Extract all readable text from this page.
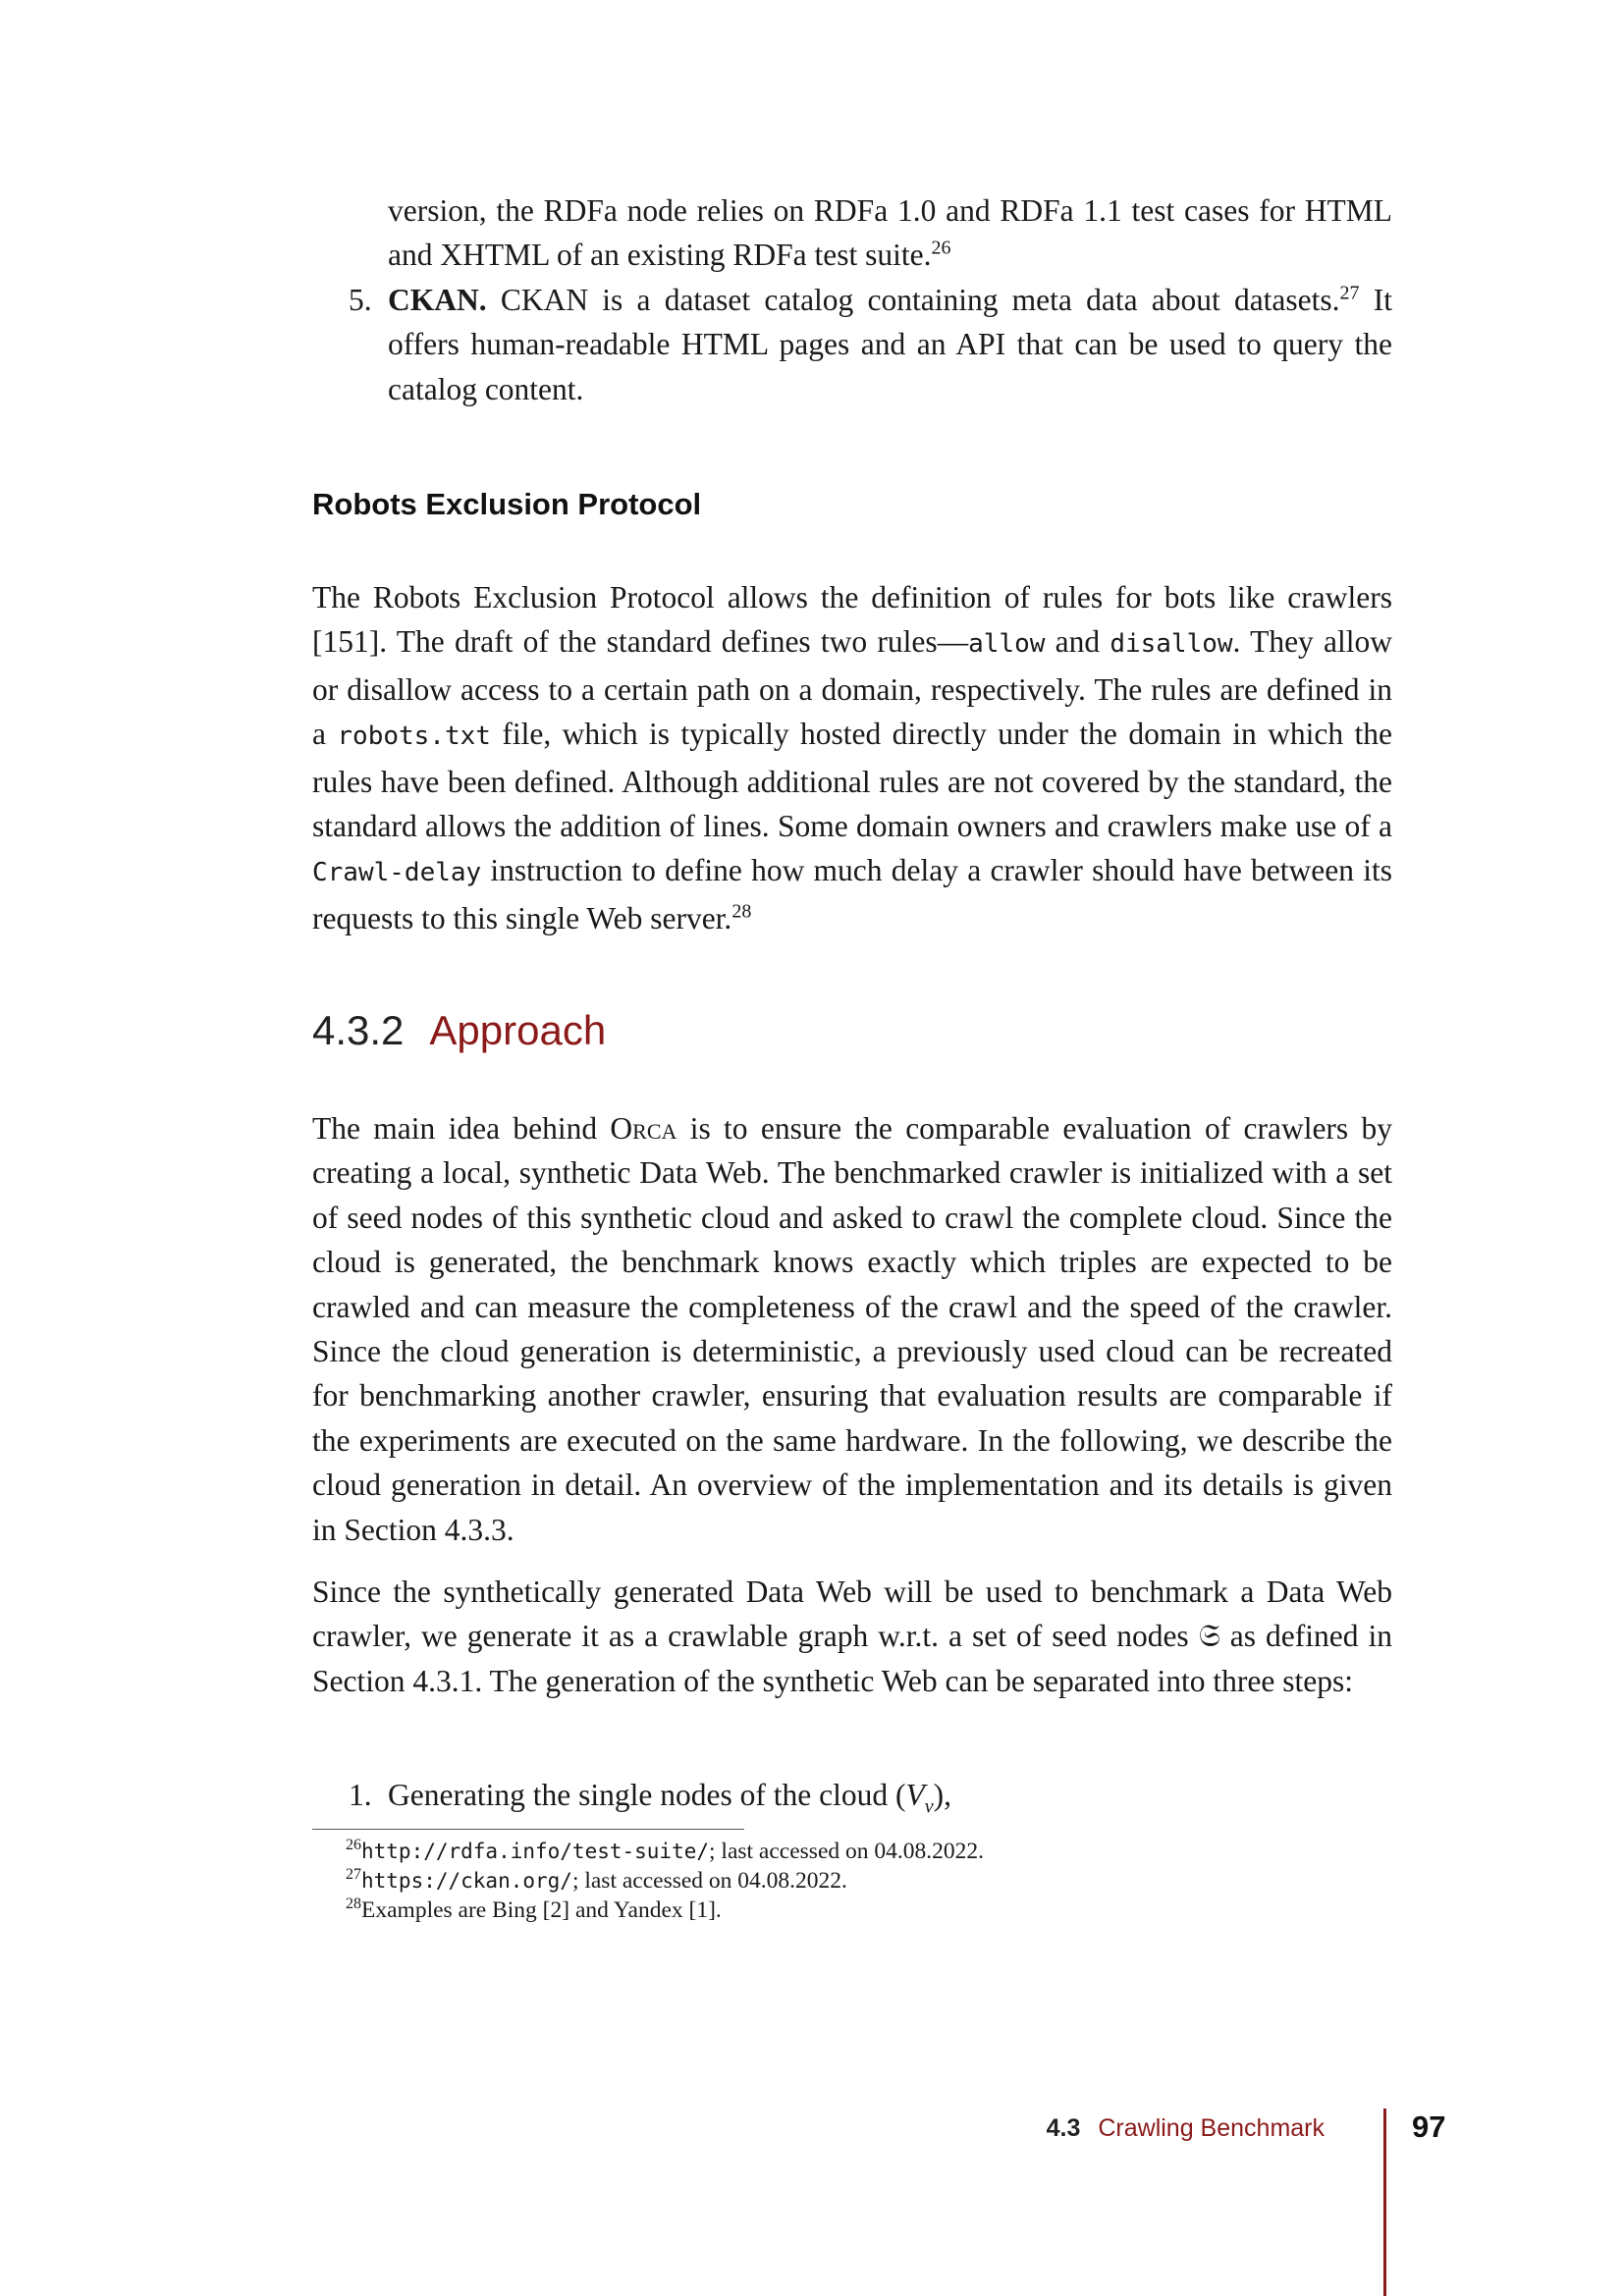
version, the RDFa node relies on RDFa 1.0 and RDFa 1.1 test cases for HTML and XHTML of an existing RDFa test suite.$^{26}$

5. CKAN. CKAN is a dataset catalog containing meta data about datasets.$^{27}$ It offers human-readable HTML pages and an API that can be used to query the catalog content.

Robots Exclusion Protocol

The Robots Exclusion Protocol allows the definition of rules for bots like crawlers [151]. The draft of the standard defines two rules—allow and disallow. They allow or disallow access to a certain path on a domain, respectively. The rules are defined in a robots.txt file, which is typically hosted directly under the domain in which the rules have been defined. Although additional rules are not covered by the standard, the standard allows the addition of lines. Some domain owners and crawlers make use of a Crawl-delay instruction to define how much delay a crawler should have between its requests to this single Web server.$^{28}$

4.3.2 Approach

The main idea behind Orca is to ensure the comparable evaluation of crawlers by creating a local, synthetic Data Web. The benchmarked crawler is initialized with a set of seed nodes of this synthetic cloud and asked to crawl the complete cloud. Since the cloud is generated, the benchmark knows exactly which triples are expected to be crawled and can measure the completeness of the crawl and the speed of the crawler. Since the cloud generation is deterministic, a previously used cloud can be recreated for benchmarking another crawler, ensuring that evaluation results are comparable if the experiments are executed on the same hardware. In the following, we describe the cloud generation in detail. An overview of the implementation and its details is given in Section 4.3.3.

Since the synthetically generated Data Web will be used to benchmark a Data Web crawler, we generate it as a crawlable graph w.r.t. a set of seed nodes 𝔖 as defined in Section 4.3.1. The generation of the synthetic Web can be separated into three steps:

1. Generating the single nodes of the cloud $(V_\nu)$,

$^{26}$http://rdfa.info/test-suite/; last accessed on 04.08.2022.

$^{27}$https://ckan.org/; last accessed on 04.08.2022.

$^{28}$Examples are Bing [2] and Yandex [1].

4.3 Crawling Benchmark	97
